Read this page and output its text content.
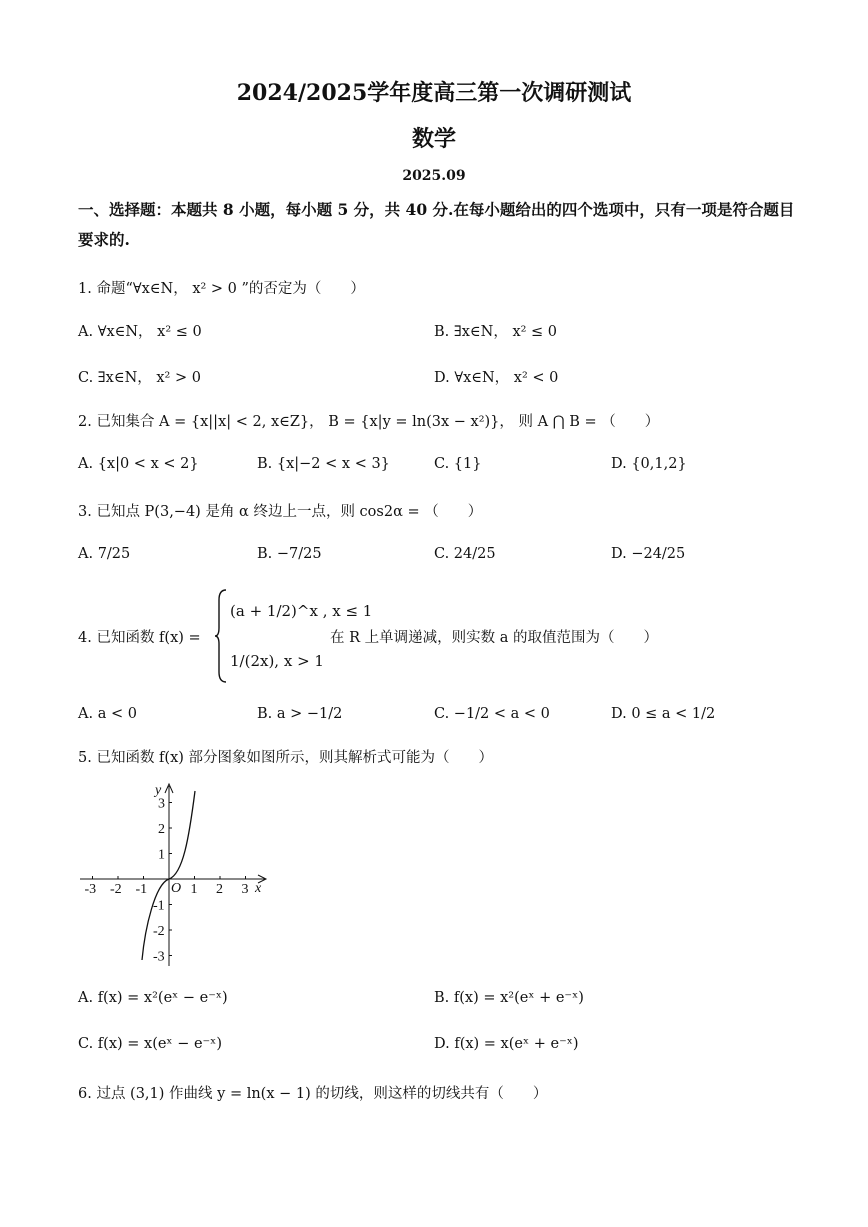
2024/2025学年度高三第一次调研测试
数学
2025.09
一、选择题：本题共 8 小题，每小题 5 分，共 40 分.在每小题给出的四个选项中，只有一项是符合题目要求的.
1. 命题“∀x∈N， x² > 0 ”的否定为（　　）
A. ∀x∈N， x² ≤ 0	B. ∃x∈N， x² ≤ 0
C. ∃x∈N， x² > 0	D. ∀x∈N， x² < 0
2. 已知集合 A = {x||x| < 2, x∈Z}， B = {x|y = ln(3x − x²)}， 则 A ⋂ B = （　　）
A. {x|0 < x < 2}	B. {x|−2 < x < 3}	C. {1}	D. {0,1,2}
3. 已知点 P(3,−4) 是角 α 终边上一点，则 cos2α = （　　）
A. 7/25	B. −7/25	C. 24/25	D. −24/25
4. 已知函数 f(x) =
(a + 1/2)^x , x ≤ 1
1/(2x), x > 1
在 R 上单调递减，则实数 a 的取值范围为（　　）
A. a < 0	B. a > −1/2	C. −1/2 < a < 0	D. 0 ≤ a < 1/2
5. 已知函数 f(x) 部分图象如图所示，则其解析式可能为（　　）
-3 -2 -1	1 2 3
3
2
1
-1
-2
-3
x
y
O
A. f(x) = x²(eˣ − e⁻ˣ)	B. f(x) = x²(eˣ + e⁻ˣ)
C. f(x) = x(eˣ − e⁻ˣ)	D. f(x) = x(eˣ + e⁻ˣ)
6. 过点 (3,1) 作曲线 y = ln(x − 1) 的切线，则这样的切线共有（　　）
